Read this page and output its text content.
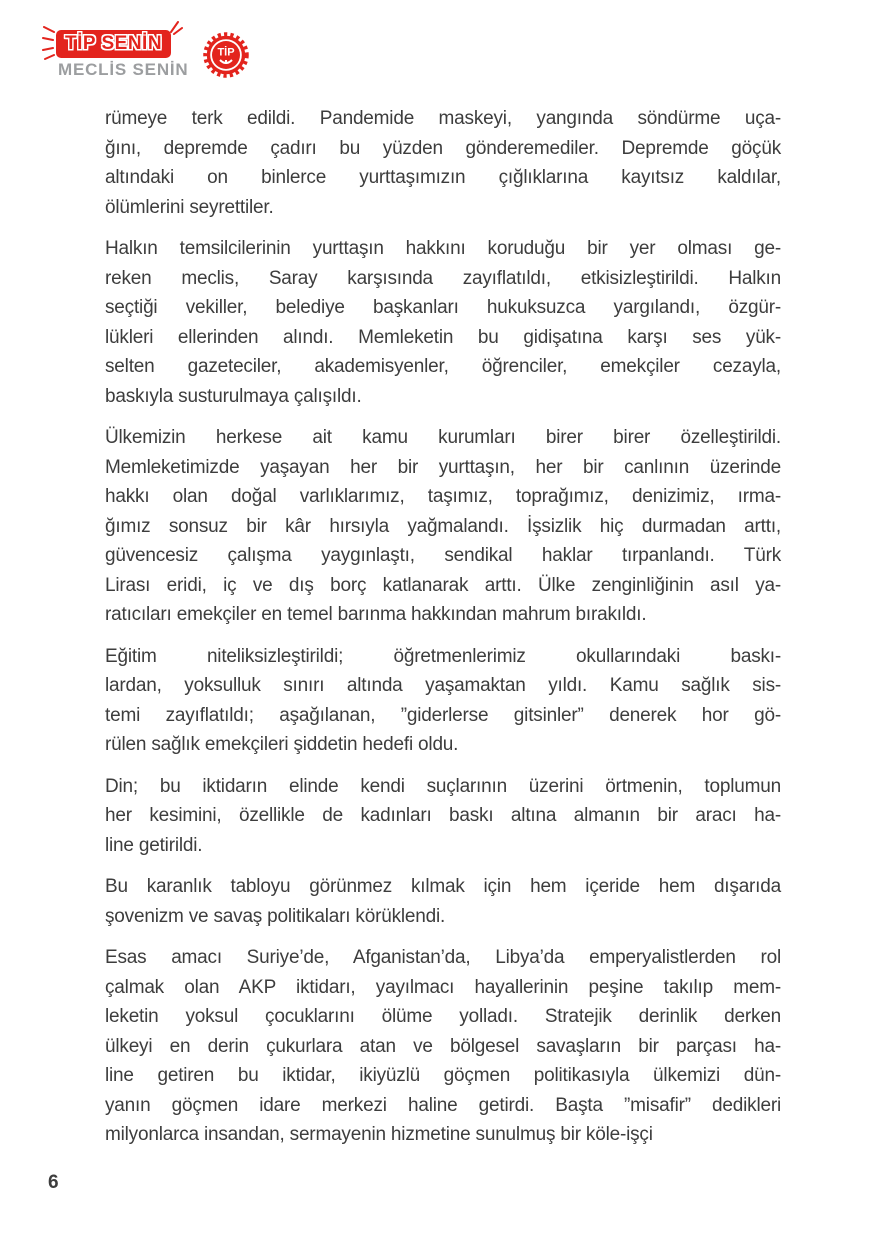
TİP SENİN
MECLİS SENİN
TİP
rümeye terk edildi. Pandemide maskeyi, yangında söndürme uça-
ğını, depremde çadırı bu yüzden gönderemediler. Depremde göçük
altındaki on binlerce yurttaşımızın çığlıklarına kayıtsız kaldılar,
ölümlerini seyrettiler.
Halkın temsilcilerinin yurttaşın hakkını koruduğu bir yer olması ge-
reken meclis, Saray karşısında zayıflatıldı, etkisizleştirildi. Halkın
seçtiği vekiller, belediye başkanları hukuksuzca yargılandı, özgür-
lükleri ellerinden alındı. Memleketin bu gidişatına karşı ses yük-
selten gazeteciler, akademisyenler, öğrenciler, emekçiler cezayla,
baskıyla susturulmaya çalışıldı.
Ülkemizin herkese ait kamu kurumları birer birer özelleştirildi.
Memleketimizde yaşayan her bir yurttaşın, her bir canlının üzerinde
hakkı olan doğal varlıklarımız, taşımız, toprağımız, denizimiz, ırma-
ğımız sonsuz bir kâr hırsıyla yağmalandı. İşsizlik hiç durmadan arttı,
güvencesiz çalışma yaygınlaştı, sendikal haklar tırpanlandı. Türk
Lirası eridi, iç ve dış borç katlanarak arttı. Ülke zenginliğinin asıl ya-
ratıcıları emekçiler en temel barınma hakkından mahrum bırakıldı.
Eğitim niteliksizleştirildi; öğretmenlerimiz okullarındaki baskı-
lardan, yoksulluk sınırı altında yaşamaktan yıldı. Kamu sağlık sis-
temi zayıflatıldı; aşağılanan, ”giderlerse gitsinler” denerek hor gö-
rülen sağlık emekçileri şiddetin hedefi oldu.
Din; bu iktidarın elinde kendi suçlarının üzerini örtmenin, toplumun
her kesimini, özellikle de kadınları baskı altına almanın bir aracı ha-
line getirildi.
Bu karanlık tabloyu görünmez kılmak için hem içeride hem dışarıda
şovenizm ve savaş politikaları körüklendi.
Esas amacı Suriye’de, Afganistan’da, Libya’da emperyalistlerden rol
çalmak olan AKP iktidarı, yayılmacı hayallerinin peşine takılıp mem-
leketin yoksul çocuklarını ölüme yolladı. Stratejik derinlik derken
ülkeyi en derin çukurlara atan ve bölgesel savaşların bir parçası ha-
line getiren bu iktidar, ikiyüzlü göçmen politikasıyla ülkemizi dün-
yanın göçmen idare merkezi haline getirdi. Başta ”misafir” dedikleri
milyonlarca insandan, sermayenin hizmetine sunulmuş bir köle-işçi
6
